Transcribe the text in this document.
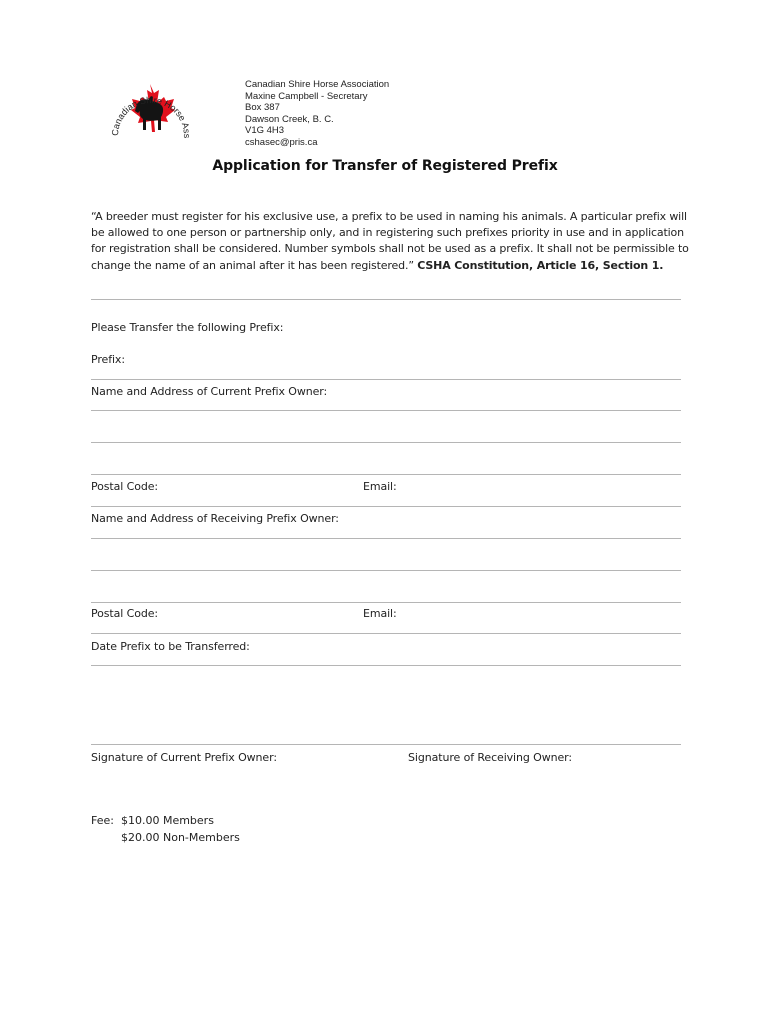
Canadian Shire Horse Ass
Canadian Shire Horse Association
Maxine Campbell - Secretary
Box 387
Dawson Creek, B. C.
V1G 4H3
cshasec@pris.ca
Application for Transfer of Registered Prefix
“A breeder must register for his exclusive use, a prefix to be used in naming his animals. A particular prefix will be allowed to one person or partnership only, and in registering such prefixes priority in use and in application for registration shall be considered. Number symbols shall not be used as a prefix. It shall not be permissible to change the name of an animal after it has been registered.” CSHA Constitution, Article 16, Section 1.
Please Transfer the following Prefix:
Prefix:
Name and Address of Current Prefix Owner:
Postal Code:	Email:
Name and Address of Receiving Prefix Owner:
Postal Code:	Email:
Date Prefix to be Transferred:
Signature of Current Prefix Owner:	Signature of Receiving Owner:
Fee: $10.00 Members
$20.00 Non-Members
